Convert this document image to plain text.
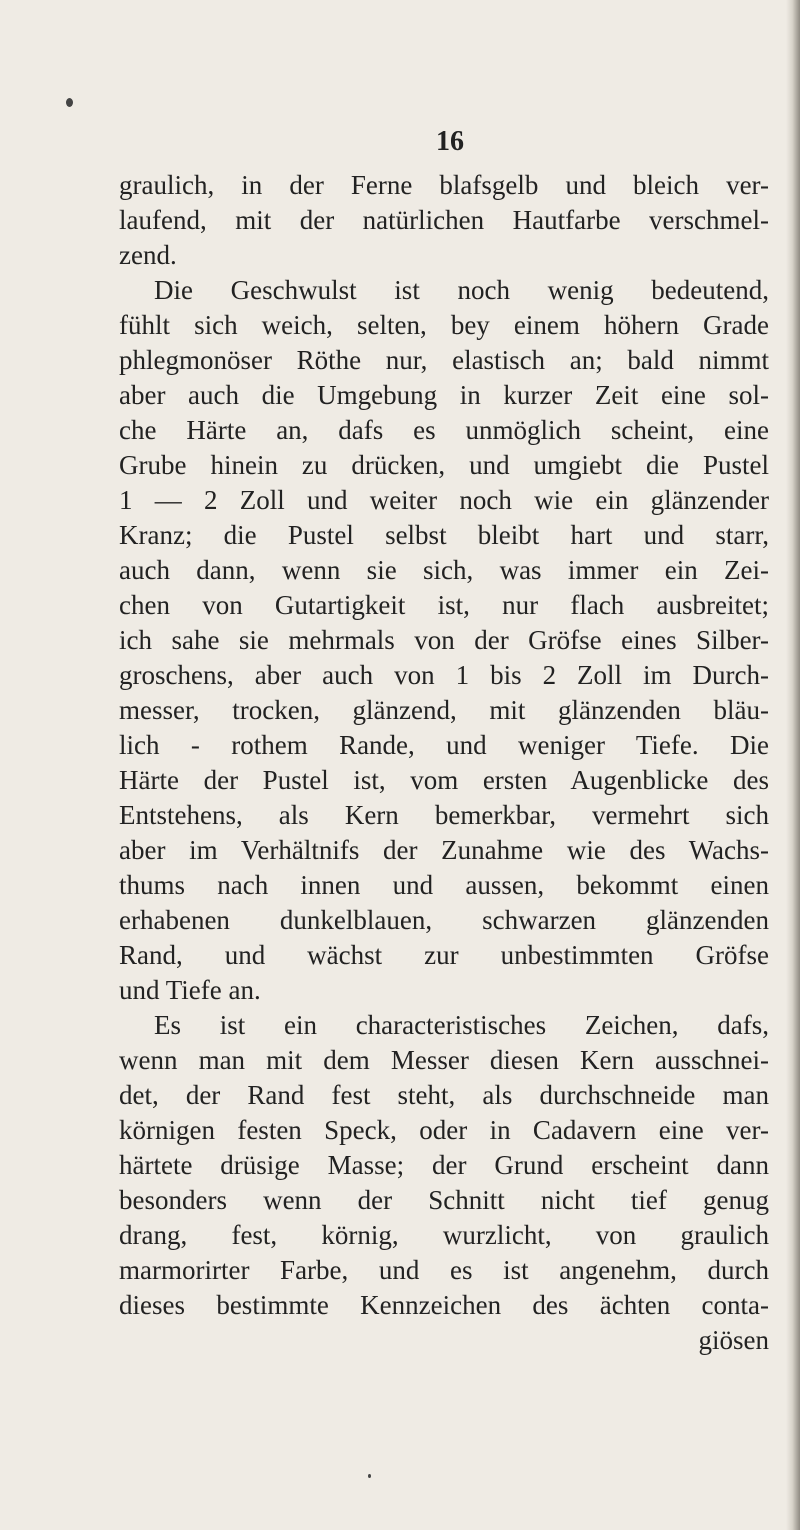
16
graulich, in der Ferne blafsgelb und bleich ver-
laufend, mit der natürlichen Hautfarbe verschmel-
zend.
Die Geschwulst ist noch wenig bedeutend,
fühlt sich weich, selten, bey einem höhern Grade
phlegmonöser Röthe nur, elastisch an; bald nimmt
aber auch die Umgebung in kurzer Zeit eine sol-
che Härte an, dafs es unmöglich scheint, eine
Grube hinein zu drücken, und umgiebt die Pustel
1 — 2 Zoll und weiter noch wie ein glänzender
Kranz; die Pustel selbst bleibt hart und starr,
auch dann, wenn sie sich, was immer ein Zei-
chen von Gutartigkeit ist, nur flach ausbreitet;
ich sahe sie mehrmals von der Gröfse eines Silber-
groschens, aber auch von 1 bis 2 Zoll im Durch-
messer, trocken, glänzend, mit glänzenden bläu-
lich - rothem Rande, und weniger Tiefe. Die
Härte der Pustel ist, vom ersten Augenblicke des
Entstehens, als Kern bemerkbar, vermehrt sich
aber im Verhältnifs der Zunahme wie des Wachs-
thums nach innen und aussen, bekommt einen
erhabenen dunkelblauen, schwarzen glänzenden
Rand, und wächst zur unbestimmten Gröfse
und Tiefe an.
Es ist ein characteristisches Zeichen, dafs,
wenn man mit dem Messer diesen Kern ausschnei-
det, der Rand fest steht, als durchschneide man
körnigen festen Speck, oder in Cadavern eine ver-
härtete drüsige Masse; der Grund erscheint dann
besonders wenn der Schnitt nicht tief genug
drang, fest, körnig, wurzlicht, von graulich
marmorirter Farbe, und es ist angenehm, durch
dieses bestimmte Kennzeichen des ächten conta-
giösen
